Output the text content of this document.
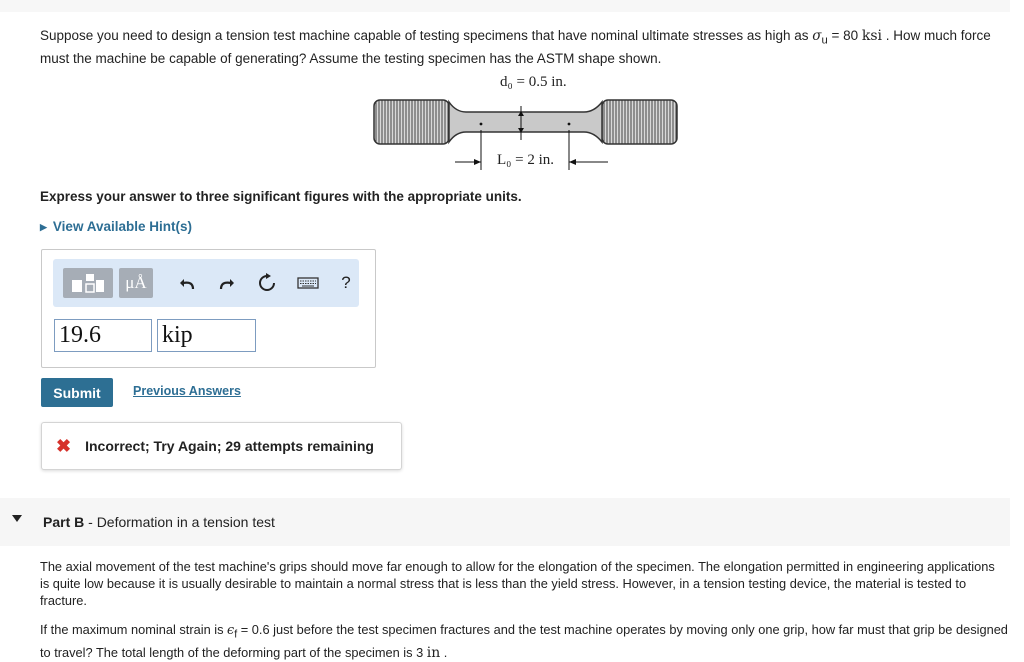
Suppose you need to design a tension test machine capable of testing specimens that have nominal ultimate stresses as high as $\sigma_u = 80$ ksi . How much force must the machine be capable of generating? Assume the testing specimen has the ASTM shape shown.
d₀ = 0.5 in.
L₀ = 2 in.
Express your answer to three significant figures with the appropriate units.
▶ View Available Hint(s)
μÅ	?
19.6	kip
Submit	Previous Answers
✖ Incorrect; Try Again; 29 attempts remaining
Part B - Deformation in a tension test
The axial movement of the test machine's grips should move far enough to allow for the elongation of the specimen. The elongation permitted in engineering applications is quite low because it is usually desirable to maintain a normal stress that is less than the yield stress. However, in a tension testing device, the material is tested to fracture.
If the maximum nominal strain is $\epsilon_f = 0.6$ just before the test specimen fractures and the test machine operates by moving only one grip, how far must that grip be designed to travel? The total length of the deforming part of the specimen is 3 in .
